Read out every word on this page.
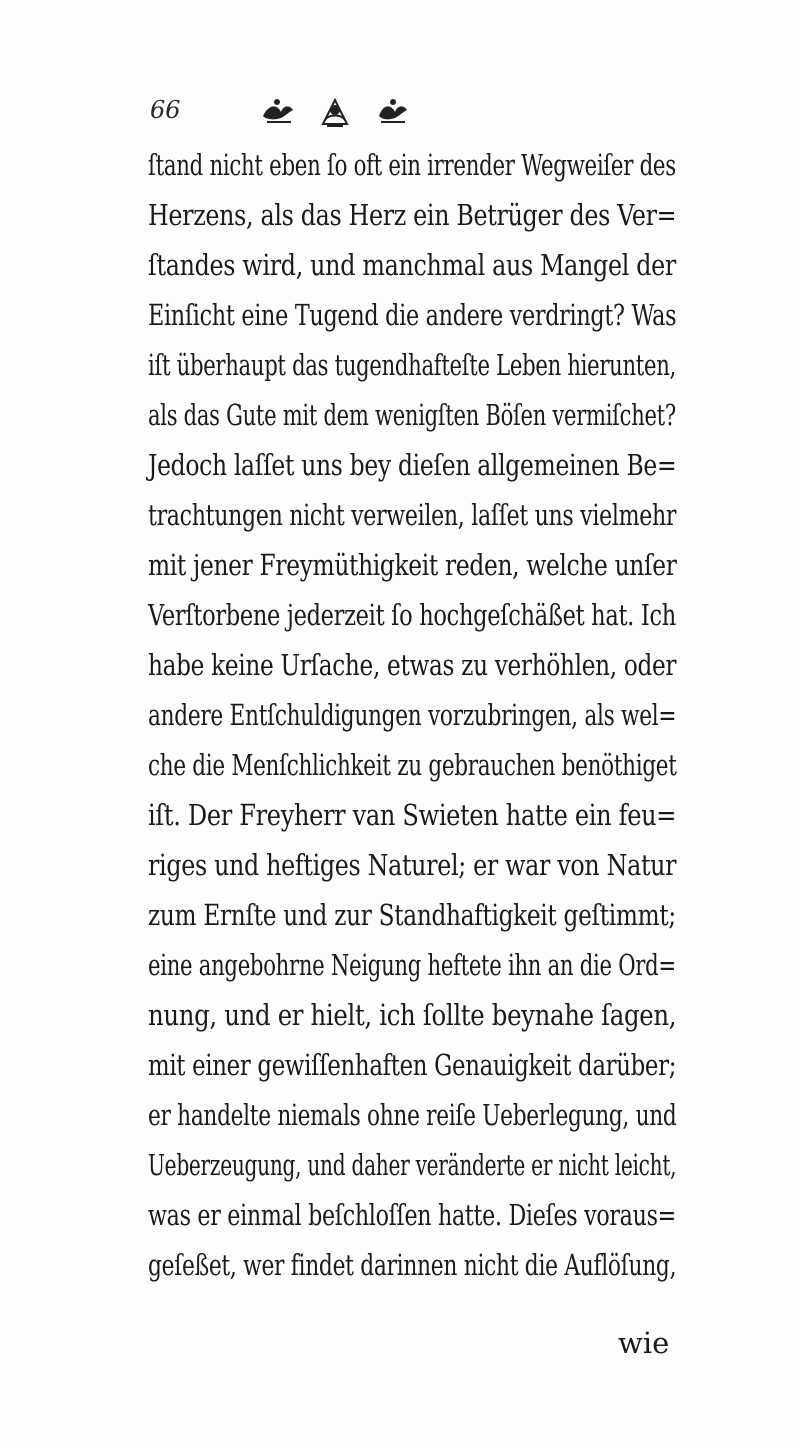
66
ſtand nicht eben ſo oft ein irrender Wegweiſer des
Herzens, als das Herz ein Betrüger des Ver=
ſtandes wird, und manchmal aus Mangel der
Einſicht eine Tugend die andere verdringt? Was
iſt überhaupt das tugendhafteſte Leben hierunten,
als das Gute mit dem wenigſten Böſen vermiſchet?
Jedoch laſſet uns bey dieſen allgemeinen Be=
trachtungen nicht verweilen, laſſet uns vielmehr
mit jener Freymüthigkeit reden, welche unſer
Verſtorbene jederzeit ſo hochgeſchäßet hat. Ich
habe keine Urſache, etwas zu verhöhlen, oder
andere Entſchuldigungen vorzubringen, als wel=
che die Menſchlichkeit zu gebrauchen benöthiget
iſt. Der Freyherr van Swieten hatte ein feu=
riges und heftiges Naturel; er war von Natur
zum Ernſte und zur Standhaftigkeit geſtimmt;
eine angebohrne Neigung heftete ihn an die Ord=
nung, und er hielt, ich ſollte beynahe ſagen,
mit einer gewiſſenhaften Genauigkeit darüber;
er handelte niemals ohne reiſe Ueberlegung, und
Ueberzeugung, und daher veränderte er nicht leicht,
was er einmal beſchloſſen hatte. Dieſes voraus=
geſeßet, wer findet darinnen nicht die Auflöſung,
wie
